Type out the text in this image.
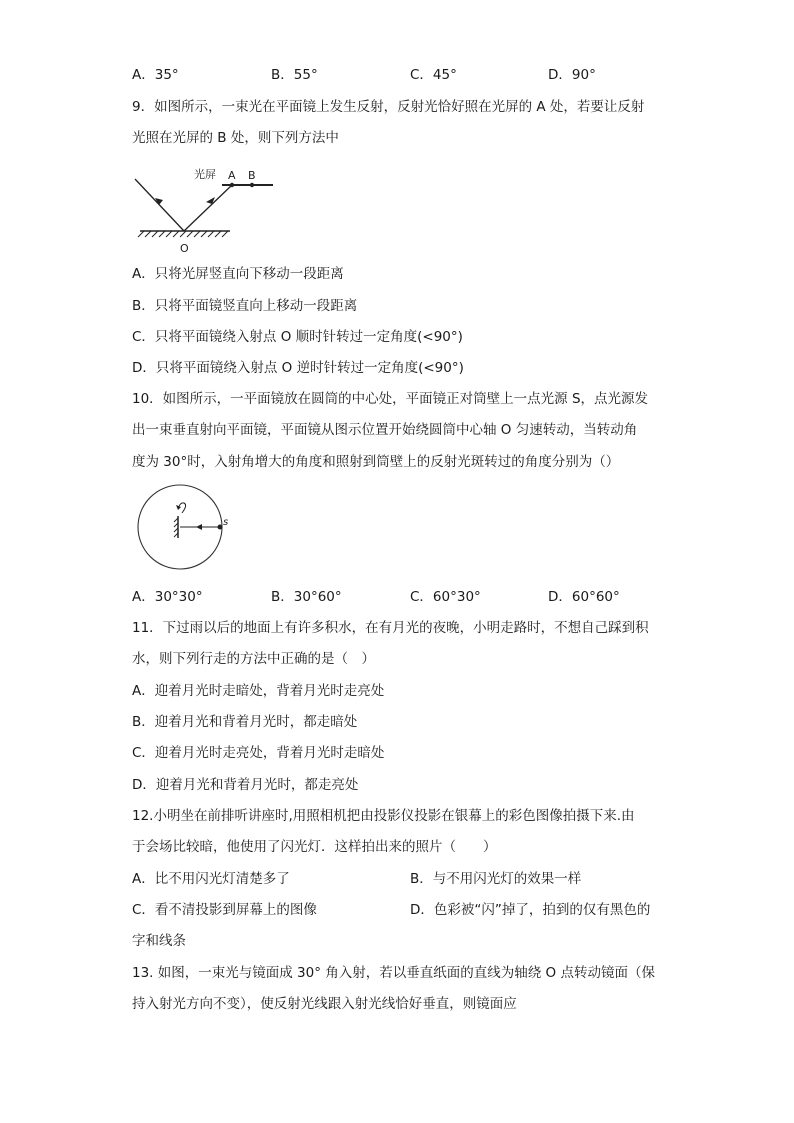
A．35°	B．55°	C．45°	D．90°
9．如图所示，一束光在平面镜上发生反射，反射光恰好照在光屏的 A 处，若要让反射
光照在光屏的 B 处，则下列方法中
光屏 A B
O
A．只将光屏竖直向下移动一段距离
B．只将平面镜竖直向上移动一段距离
C．只将平面镜绕入射点 O 顺时针转过一定角度(<90°)
D．只将平面镜绕入射点 O 逆时针转过一定角度(<90°)
10．如图所示，一平面镜放在圆筒的中心处，平面镜正对筒壁上一点光源 S，点光源发
出一束垂直射向平面镜，平面镜从图示位置开始绕圆筒中心轴 O 匀速转动，当转动角
度为 30°时，入射角增大的角度和照射到筒壁上的反射光斑转过的角度分别为（）
s
A．30°30°	B．30°60°	C．60°30°	D．60°60°
11．下过雨以后的地面上有许多积水，在有月光的夜晚，小明走路时，不想自己踩到积
水，则下列行走的方法中正确的是（　）
A．迎着月光时走暗处，背着月光时走亮处
B．迎着月光和背着月光时，都走暗处
C．迎着月光时走亮处，背着月光时走暗处
D．迎着月光和背着月光时，都走亮处
12.小明坐在前排听讲座时,用照相机把由投影仪投影在银幕上的彩色图像拍摄下来.由
于会场比较暗，他使用了闪光灯．这样拍出来的照片（　　）
A．比不用闪光灯清楚多了	B．与不用闪光灯的效果一样
C．看不清投影到屏幕上的图像	D．色彩被“闪”掉了，拍到的仅有黑色的
字和线条
13. 如图，一束光与镜面成 30° 角入射，若以垂直纸面的直线为轴绕 O 点转动镜面（保
持入射光方向不变），使反射光线跟入射光线恰好垂直，则镜面应
